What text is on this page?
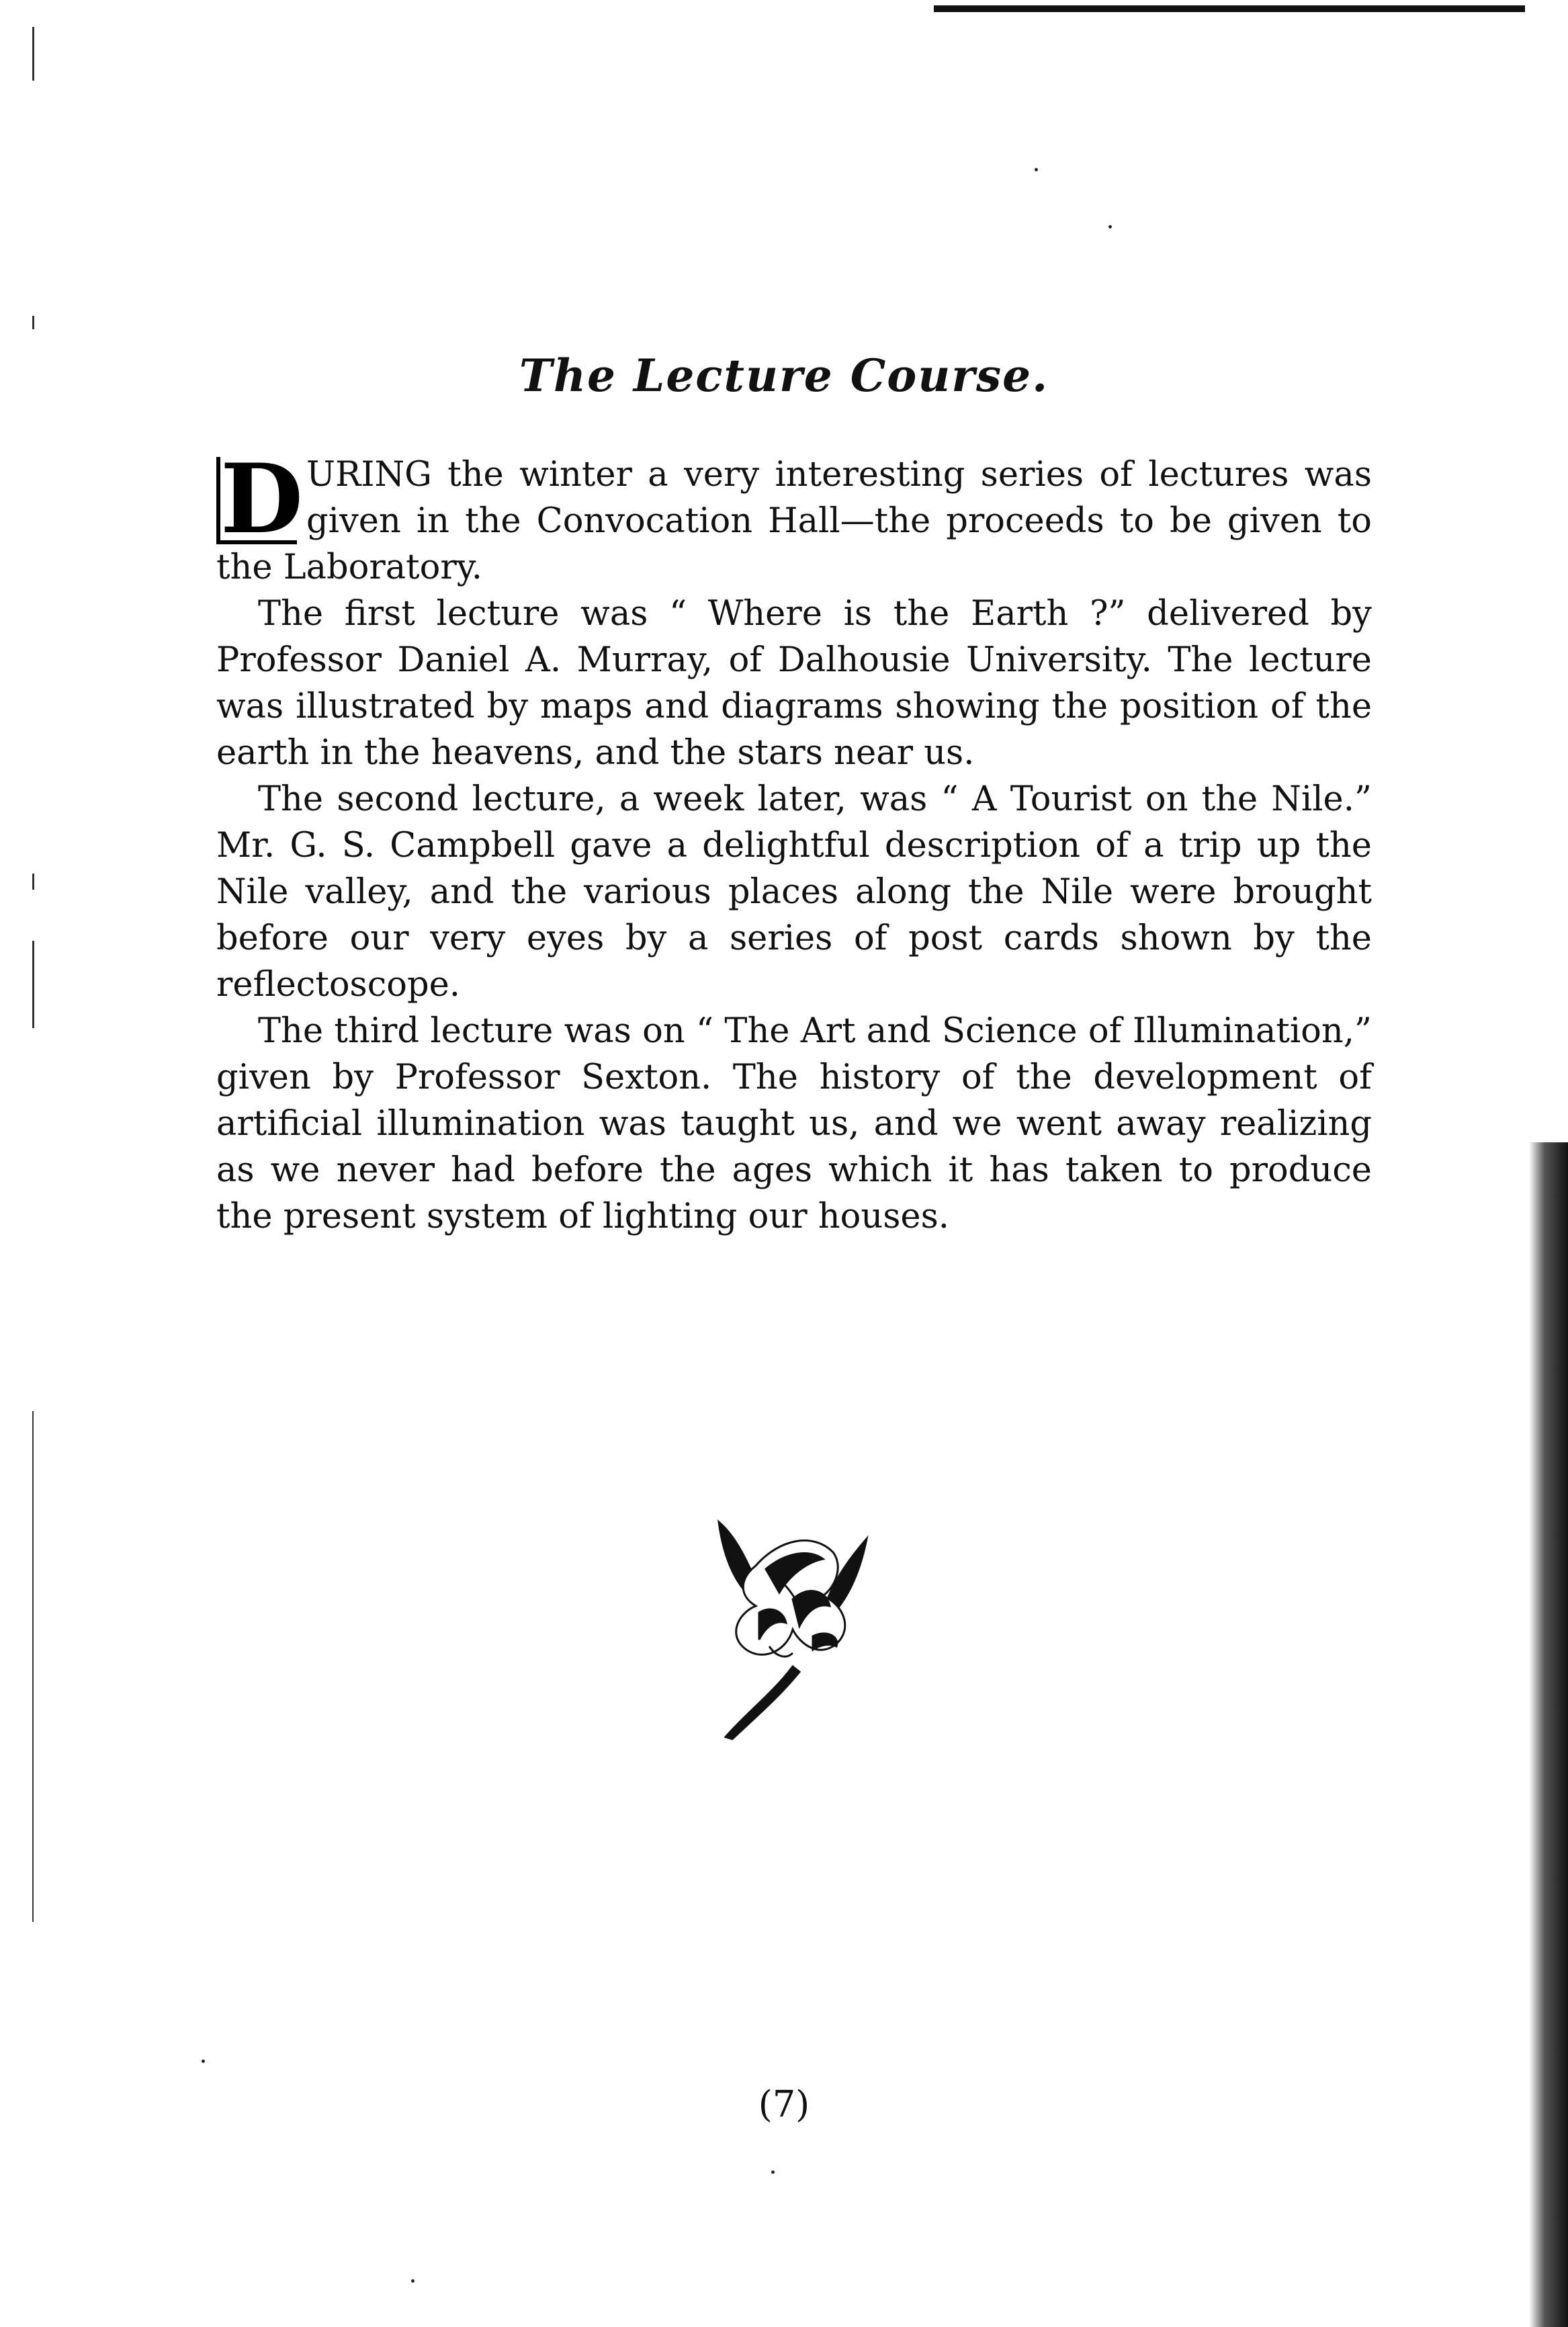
The Lecture Course.

D URING the winter a very interesting series of lectures was given in the Convocation Hall—the proceeds to be given to the Laboratory.

The first lecture was “ Where is the Earth ?” delivered by Professor Daniel A. Murray, of Dalhousie University. The lecture was illustrated by maps and diagrams showing the position of the earth in the heavens, and the stars near us.

The second lecture, a week later, was “ A Tourist on the Nile.” Mr. G. S. Campbell gave a delightful description of a trip up the Nile valley, and the various places along the Nile were brought before our very eyes by a series of post cards shown by the reflectoscope.

The third lecture was on “ The Art and Science of Illumination,” given by Professor Sexton. The history of the development of artificial illumination was taught us, and we went away realizing as we never had before the ages which it has taken to produce the present system of lighting our houses.

(7)
